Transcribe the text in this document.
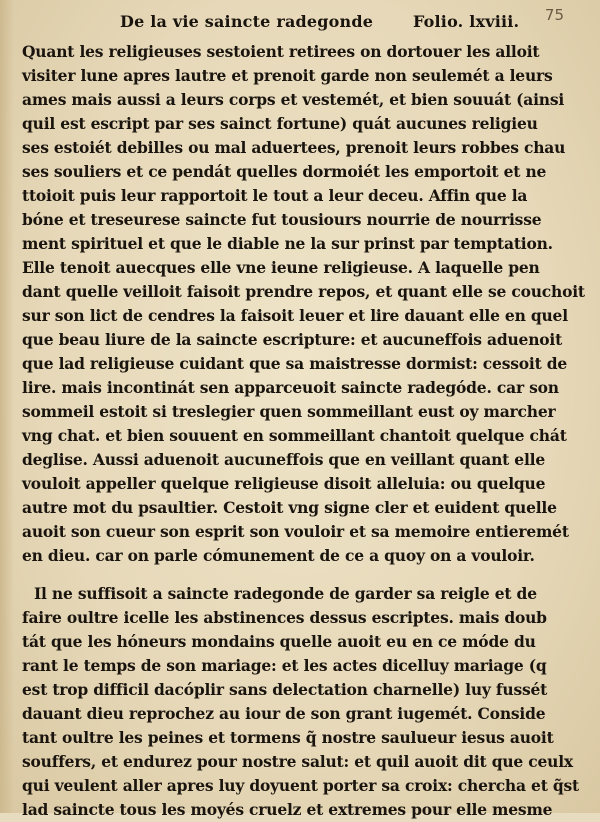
75
De la vie saincte radegonde Folio. lxviii.
Quant les religieuses sestoient retirees on dortouer les alloit
visiter lune apres lautre et prenoit garde non seulemét a leurs
ames mais aussi a leurs corps et vestemét, et bien souuát (ainsi
quil est escript par ses sainct fortune) quát aucunes religieu
ses estoiét debilles ou mal aduertees, prenoit leurs robbes chau
ses souliers et ce pendát quelles dormoiét les emportoit et ne
ttoioit puis leur rapportoit le tout a leur deceu. Affin que la
bóne et treseurese saincte fut tousiours nourrie de nourrisse
ment spirituel et que le diable ne la sur prinst par temptation.
Elle tenoit auecques elle vne ieune religieuse. A laquelle pen
dant quelle veilloit faisoit prendre repos, et quant elle se couchoit
sur son lict de cendres la faisoit leuer et lire dauant elle en quel
que beau liure de la saincte escripture: et aucuneffois aduenoit
que lad religieuse cuidant que sa maistresse dormist: cessoit de
lire. mais incontinát sen apparceuoit saincte radegóde. car son
sommeil estoit si treslegier quen sommeillant eust oy marcher
vng chat. et bien souuent en sommeillant chantoit quelque chát
deglise. Aussi aduenoit aucuneffois que en veillant quant elle
vouloit appeller quelque religieuse disoit alleluia: ou quelque
autre mot du psaultier. Cestoit vng signe cler et euident quelle
auoit son cueur son esprit son vouloir et sa memoire entieremét
en dieu. car on parle cómunement de ce a quoy on a vouloir.
Il ne suffisoit a saincte radegonde de garder sa reigle et de
faire oultre icelle les abstinences dessus escriptes. mais doub
tát que les hóneurs mondains quelle auoit eu en ce móde du
rant le temps de son mariage: et les actes dicelluy mariage (q
est trop difficil dacóplir sans delectation charnelle) luy fussét
dauant dieu reprochez au iour de son grant iugemét. Conside
tant oultre les peines et tormens q̃ nostre saulueur iesus auoit
souffers, et endurez pour nostre salut: et quil auoit dit que ceulx
qui veulent aller apres luy doyuent porter sa croix: chercha et q̃st
lad saincte tous les moyés cruelz et extremes pour elle mesme
